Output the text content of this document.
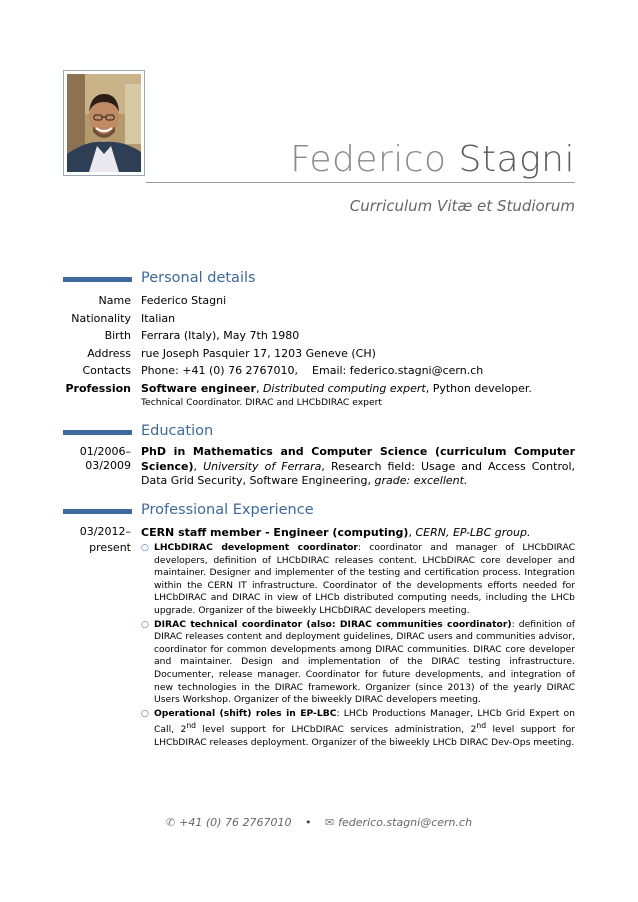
Federico Stagni
Curriculum Vitæ et Studiorum
Personal details
Name Federico Stagni
Nationality Italian
Birth Ferrara (Italy), May 7th 1980
Address rue Joseph Pasquier 17, 1203 Geneve (CH)
Contacts Phone: +41 (0) 76 2767010,    Email: federico.stagni@cern.ch
Profession Software engineer, Distributed computing expert, Python developer.
Technical Coordinator. DIRAC and LHCbDIRAC expert
Education
01/2006–
03/2009
PhD in Mathematics and Computer Science (curriculum Computer Science), University of Ferrara, Research field: Usage and Access Control, Data Grid Security, Software Engineering, grade: excellent.
Professional Experience
03/2012–
present
CERN staff member - Engineer (computing), CERN, EP-LBC group.
○ LHCbDIRAC development coordinator: coordinator and manager of LHCbDIRAC developers, definition of LHCbDIRAC releases content. LHCbDIRAC core developer and maintainer. Designer and implementer of the testing and certification process. Integration within the CERN IT infrastructure. Coordinator of the developments efforts needed for LHCbDIRAC and DIRAC in view of LHCb distributed computing needs, including the LHCb upgrade. Organizer of the biweekly LHCbDIRAC developers meeting.
○ DIRAC technical coordinator (also: DIRAC communities coordinator): definition of DIRAC releases content and deployment guidelines, DIRAC users and communities advisor, coordinator for common developments among DIRAC communities. DIRAC core developer and maintainer. Design and implementation of the DIRAC testing infrastructure. Documenter, release manager. Coordinator for future developments, and integration of new technologies in the DIRAC framework. Organizer (since 2013) of the yearly DIRAC Users Workshop. Organizer of the biweekly DIRAC developers meeting.
○ Operational (shift) roles in EP-LBC: LHCb Productions Manager, LHCb Grid Expert on Call, 2nd level support for LHCbDIRAC services administration, 2nd level support for LHCbDIRAC releases deployment. Organizer of the biweekly LHCb DIRAC Dev-Ops meeting.
✆ +41 (0) 76 2767010 • ✉ federico.stagni@cern.ch
